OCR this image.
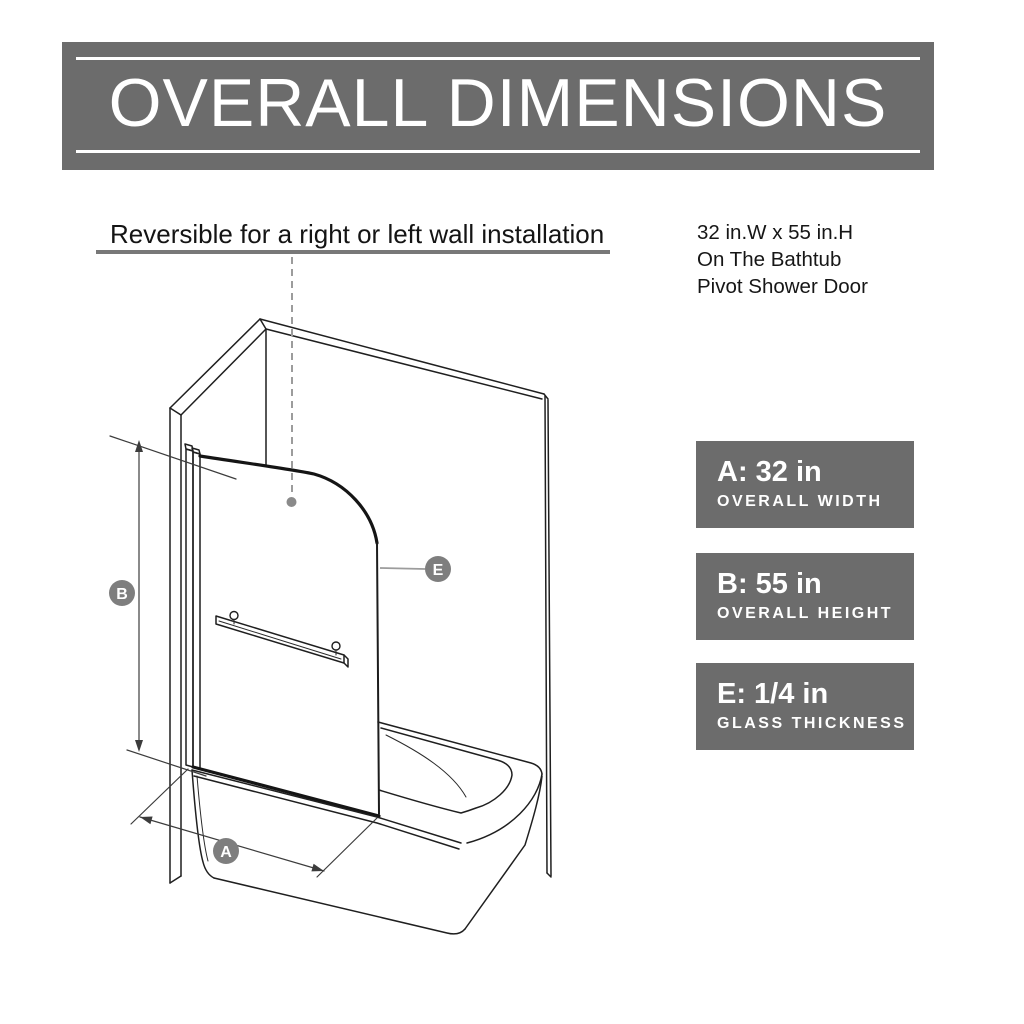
OVERALL DIMENSIONS
Reversible for a right or left wall installation	32 in.W x 55 in.H
On The Bathtub
Pivot Shower Door
B
A
E
A: 32 in
OVERALL WIDTH
B: 55 in
OVERALL HEIGHT
E: 1/4 in
GLASS THICKNESS
